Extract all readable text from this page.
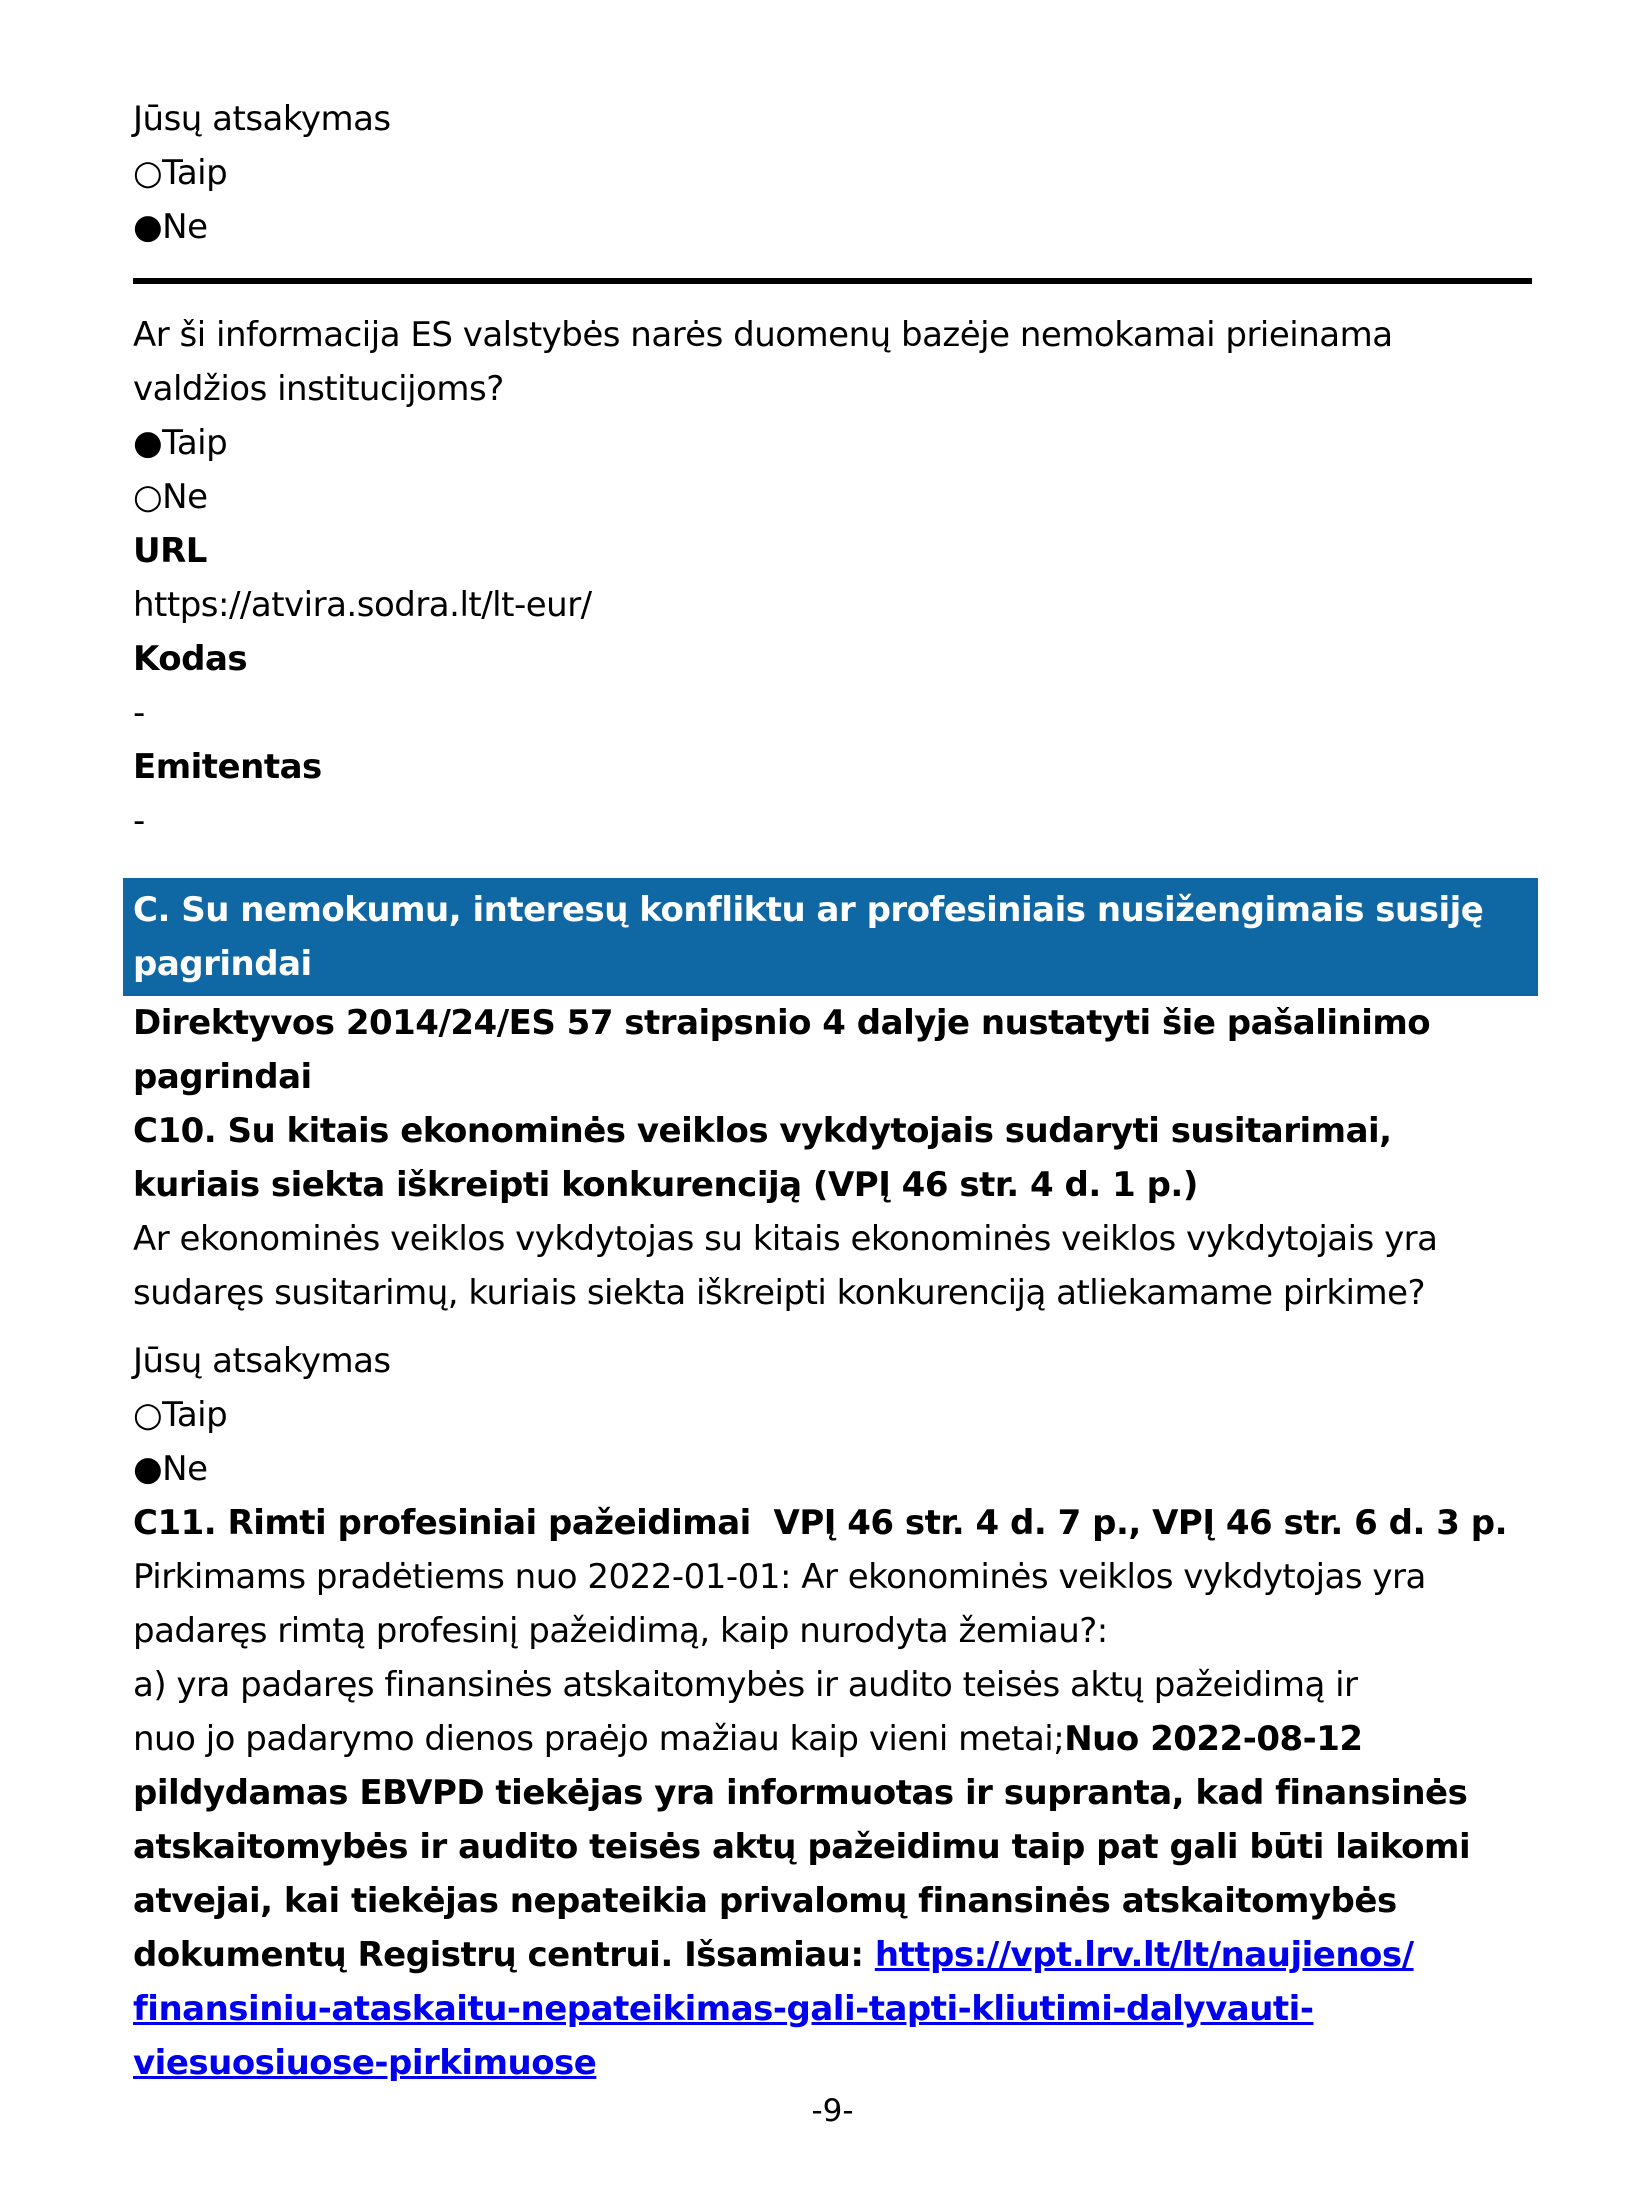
Jūsų atsakymas
○ Taip
● Ne
Ar ši informacija ES valstybės narės duomenų bazėje nemokamai prieinama
valdžios institucijoms?
● Taip
○ Ne
URL
https://atvira.sodra.lt/lt-eur/
Kodas
-
Emitentas
-
C. Su nemokumu, interesų konfliktu ar profesiniais nusižengimais susiję
pagrindai
Direktyvos 2014/24/ES 57 straipsnio 4 dalyje nustatyti šie pašalinimo
pagrindai
C10. Su kitais ekonominės veiklos vykdytojais sudaryti susitarimai,
kuriais siekta iškreipti konkurenciją (VPĮ 46 str. 4 d. 1 p.)
Ar ekonominės veiklos vykdytojas su kitais ekonominės veiklos vykdytojais yra
sudaręs susitarimų, kuriais siekta iškreipti konkurenciją atliekamame pirkime?
Jūsų atsakymas
○ Taip
● Ne
C11. Rimti profesiniai pažeidimai  VPĮ 46 str. 4 d. 7 p., VPĮ 46 str. 6 d. 3 p.
Pirkimams pradėtiems nuo 2022-01-01: Ar ekonominės veiklos vykdytojas yra
padaręs rimtą profesinį pažeidimą, kaip nurodyta žemiau?:
a) yra padaręs finansinės atskaitomybės ir audito teisės aktų pažeidimą ir
nuo jo padarymo dienos praėjo mažiau kaip vieni metai;Nuo 2022-08-12
pildydamas EBVPD tiekėjas yra informuotas ir supranta, kad finansinės
atskaitomybės ir audito teisės aktų pažeidimu taip pat gali būti laikomi
atvejai, kai tiekėjas nepateikia privalomų finansinės atskaitomybės
dokumentų Registrų centrui. Išsamiau: https://vpt.lrv.lt/lt/naujienos/
finansiniu-ataskaitu-nepateikimas-gali-tapti-kliutimi-dalyvauti-
viesuosiuose-pirkimuose
-9-
